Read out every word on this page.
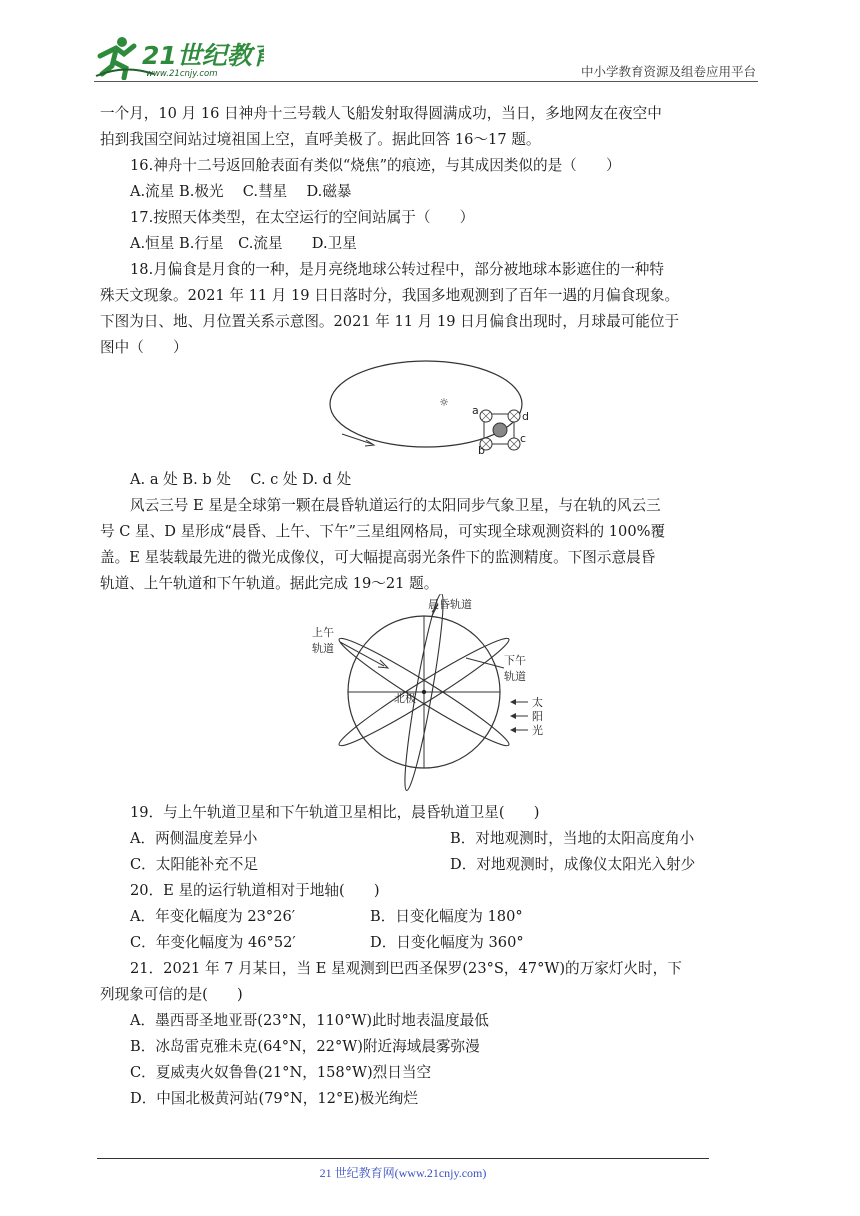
21世纪教育
www.21cnjy.com	中小学教育资源及组卷应用平台
一个月，10 月 16 日神舟十三号载人飞船发射取得圆满成功，当日，多地网友在夜空中
拍到我国空间站过境祖国上空，直呼美极了。据此回答 16～17 题。
16.神舟十二号返回舱表面有类似“烧焦”的痕迹，与其成因类似的是（　　）
A.流星 B.极光　 C.彗星　 D.磁暴
17.按照天体类型，在太空运行的空间站属于（　　）
A.恒星 B.行星　C.流星　　D.卫星
18.月偏食是月食的一种，是月亮绕地球公转过程中，部分被地球本影遮住的一种特
殊天文现象。2021 年 11 月 19 日日落时分，我国多地观测到了百年一遇的月偏食现象。
下图为日、地、月位置关系示意图。2021 年 11 月 19 日月偏食出现时，月球最可能位于
图中（　　）
☼
a	d
b
c
A. a 处 B. b 处　 C. c 处 D. d 处
风云三号 E 星是全球第一颗在晨昏轨道运行的太阳同步气象卫星，与在轨的风云三
号 C 星、D 星形成“晨昏、上午、下午”三星组网格局，可实现全球观测资料的 100%覆
盖。E 星装载最先进的微光成像仪，可大幅提高弱光条件下的监测精度。下图示意晨昏
轨道、上午轨道和下午轨道。据此完成 19～21 题。
晨昏轨道
上午
轨道
下午
轨道
北极	太
阳
光
19．与上午轨道卫星和下午轨道卫星相比，晨昏轨道卫星(　　)
A．两侧温度差异小	B．对地观测时，当地的太阳高度角小
C．太阳能补充不足	D．对地观测时，成像仪太阳光入射少
20．E 星的运行轨道相对于地轴(　　)
A．年变化幅度为 23°26′	B．日变化幅度为 180°
C．年变化幅度为 46°52′	D．日变化幅度为 360°
21．2021 年 7 月某日，当 E 星观测到巴西圣保罗(23°S，47°W)的万家灯火时，下
列现象可信的是(　　)
A．墨西哥圣地亚哥(23°N，110°W)此时地表温度最低
B．冰岛雷克雅未克(64°N，22°W)附近海域晨雾弥漫
C．夏威夷火奴鲁鲁(21°N，158°W)烈日当空
D．中国北极黄河站(79°N，12°E)极光绚烂
21 世纪教育网(www.21cnjy.com)
